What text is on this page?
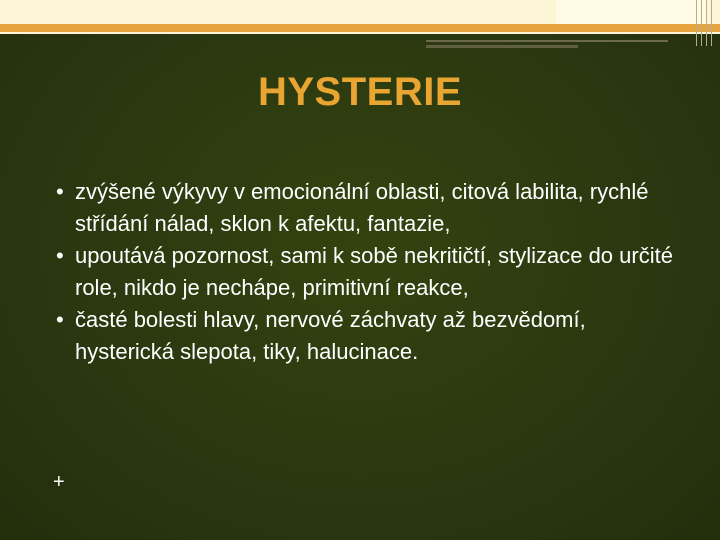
HYSTERIE
• zvýšené výkyvy v emocionální oblasti, citová labilita, rychlé střídání nálad, sklon k afektu, fantazie,
• upoutává pozornost, sami k sobě nekritičtí, stylizace do určité role, nikdo je nechápe, primitivní reakce,
• časté bolesti hlavy, nervové záchvaty až bezvědomí, hysterická slepota, tiky, halucinace.
+
